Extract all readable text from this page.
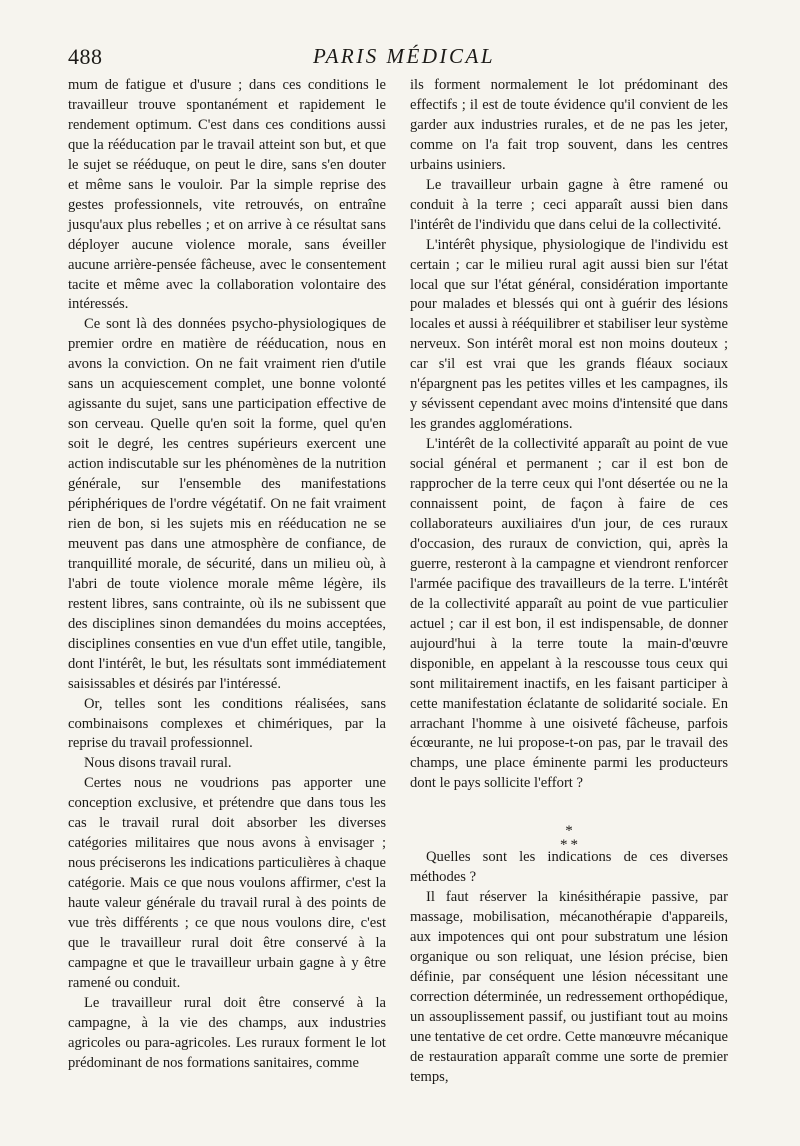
488	PARIS MÉDICAL

mum de fatigue et d'usure ; dans ces conditions le travailleur trouve spontanément et rapidement le rendement optimum. C'est dans ces conditions aussi que la rééducation par le travail atteint son but, et que le sujet se rééduque, on peut le dire, sans s'en douter et même sans le vouloir. Par la simple reprise des gestes professionnels, vite retrouvés, on entraîne jusqu'aux plus rebelles ; et on arrive à ce résultat sans déployer aucune violence morale, sans éveiller aucune arrière-pensée fâcheuse, avec le consentement tacite et même avec la collaboration volontaire des intéressés.

Ce sont là des données psycho-physiologiques de premier ordre en matière de rééducation, nous en avons la conviction. On ne fait vraiment rien d'utile sans un acquiescement complet, une bonne volonté agissante du sujet, sans une participation effective de son cerveau. Quelle qu'en soit la forme, quel qu'en soit le degré, les centres supérieurs exercent une action indiscutable sur les phénomènes de la nutrition générale, sur l'ensemble des manifestations périphériques de l'ordre végétatif. On ne fait vraiment rien de bon, si les sujets mis en rééducation ne se meuvent pas dans une atmosphère de confiance, de tranquillité morale, de sécurité, dans un milieu où, à l'abri de toute violence morale même légère, ils restent libres, sans contrainte, où ils ne subissent que des disciplines sinon demandées du moins acceptées, disciplines consenties en vue d'un effet utile, tangible, dont l'intérêt, le but, les résultats sont immédiatement saisissables et désirés par l'intéressé.

Or, telles sont les conditions réalisées, sans combinaisons complexes et chimériques, par la reprise du travail professionnel.

Nous disons travail rural.

Certes nous ne voudrions pas apporter une conception exclusive, et prétendre que dans tous les cas le travail rural doit absorber les diverses catégories militaires que nous avons à envisager ; nous préciserons les indications particulières à chaque catégorie. Mais ce que nous voulons affirmer, c'est la haute valeur générale du travail rural à des points de vue très différents ; ce que nous voulons dire, c'est que le travailleur rural doit être conservé à la campagne et que le travailleur urbain gagne à y être ramené ou conduit.

Le travailleur rural doit être conservé à la campagne, à la vie des champs, aux industries agricoles ou para-agricoles. Les ruraux forment le lot prédominant de nos formations sanitaires, comme

ils forment normalement le lot prédominant des effectifs ; il est de toute évidence qu'il convient de les garder aux industries rurales, et de ne pas les jeter, comme on l'a fait trop souvent, dans les centres urbains usiniers.

Le travailleur urbain gagne à être ramené ou conduit à la terre ; ceci apparaît aussi bien dans l'intérêt de l'individu que dans celui de la collectivité.

L'intérêt physique, physiologique de l'individu est certain ; car le milieu rural agit aussi bien sur l'état local que sur l'état général, considération importante pour malades et blessés qui ont à guérir des lésions locales et aussi à rééquilibrer et stabiliser leur système nerveux. Son intérêt moral est non moins douteux ; car s'il est vrai que les grands fléaux sociaux n'épargnent pas les petites villes et les campagnes, ils y sévissent cependant avec moins d'intensité que dans les grandes agglomérations.

L'intérêt de la collectivité apparaît au point de vue social général et permanent ; car il est bon de rapprocher de la terre ceux qui l'ont désertée ou ne la connaissent point, de façon à faire de ces collaborateurs auxiliaires d'un jour, de ces ruraux d'occasion, des ruraux de conviction, qui, après la guerre, resteront à la campagne et viendront renforcer l'armée pacifique des travailleurs de la terre. L'intérêt de la collectivité apparaît au point de vue particulier actuel ; car il est bon, il est indispensable, de donner aujourd'hui à la terre toute la main-d'œuvre disponible, en appelant à la rescousse tous ceux qui sont militairement inactifs, en les faisant participer à cette manifestation éclatante de solidarité sociale. En arrachant l'homme à une oisiveté fâcheuse, parfois écœurante, ne lui propose-t-on pas, par le travail des champs, une place éminente parmi les producteurs dont le pays sollicite l'effort ?

*
**

Quelles sont les indications de ces diverses méthodes ?

Il faut réserver la kinésithérapie passive, par massage, mobilisation, mécanothérapie d'appareils, aux impotences qui ont pour substratum une lésion organique ou son reliquat, une lésion précise, bien définie, par conséquent une lésion nécessitant une correction déterminée, un redressement orthopédique, un assouplissement passif, ou justifiant tout au moins une tentative de cet ordre. Cette manœuvre mécanique de restauration apparaît comme une sorte de premier temps,
